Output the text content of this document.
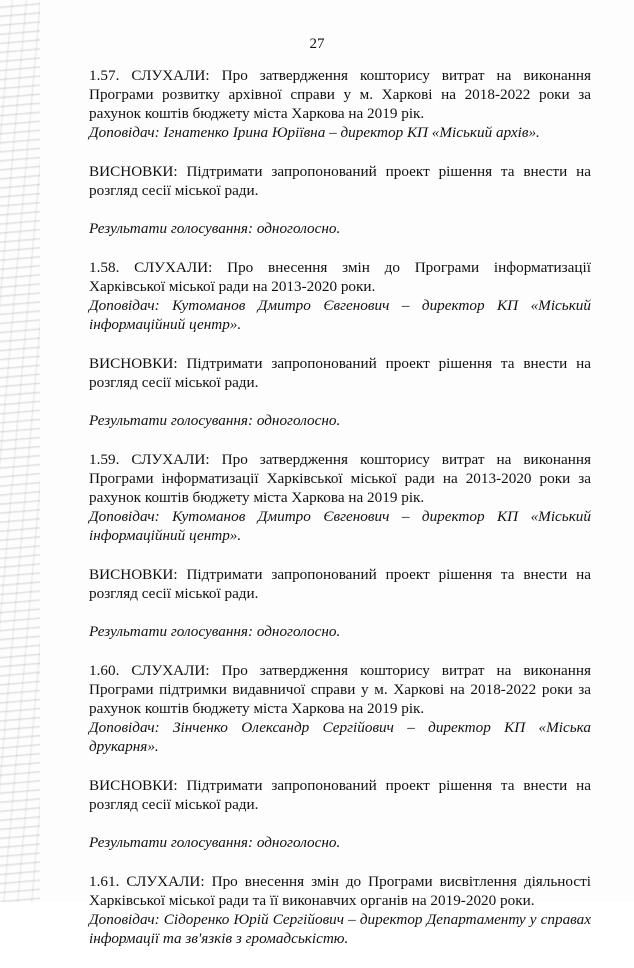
27
1.57. СЛУХАЛИ: Про затвердження кошторису витрат на виконання Програми розвитку архівної справи у м. Харкові на 2018-2022 роки за рахунок коштів бюджету міста Харкова на 2019 рік.
Доповідач: Ігнатенко Ірина Юріївна – директор КП «Міський архів».
ВИСНОВКИ: Підтримати запропонований проект рішення та внести на розгляд сесії міської ради.
Результати голосування: одноголосно.
1.58. СЛУХАЛИ: Про внесення змін до Програми інформатизації Харківської міської ради на 2013-2020 роки.
Доповідач: Кутоманов Дмитро Євгенович – директор КП «Міський інформаційний центр».
ВИСНОВКИ: Підтримати запропонований проект рішення та внести на розгляд сесії міської ради.
Результати голосування: одноголосно.
1.59. СЛУХАЛИ: Про затвердження кошторису витрат на виконання Програми інформатизації Харківської міської ради на 2013-2020 роки за рахунок коштів бюджету міста Харкова на 2019 рік.
Доповідач: Кутоманов Дмитро Євгенович – директор КП «Міський інформаційний центр».
ВИСНОВКИ: Підтримати запропонований проект рішення та внести на розгляд сесії міської ради.
Результати голосування: одноголосно.
1.60. СЛУХАЛИ: Про затвердження кошторису витрат на виконання Програми підтримки видавничої справи у м. Харкові на 2018-2022 роки за рахунок коштів бюджету міста Харкова на 2019 рік.
Доповідач: Зінченко Олександр Сергійович – директор КП «Міська друкарня».
ВИСНОВКИ: Підтримати запропонований проект рішення та внести на розгляд сесії міської ради.
Результати голосування: одноголосно.
1.61. СЛУХАЛИ: Про внесення змін до Програми висвітлення діяльності Харківської міської ради та її виконавчих органів на 2019-2020 роки.
Доповідач: Сідоренко Юрій Сергійович – директор Департаменту у справах інформації та зв'язків з громадськістю.
